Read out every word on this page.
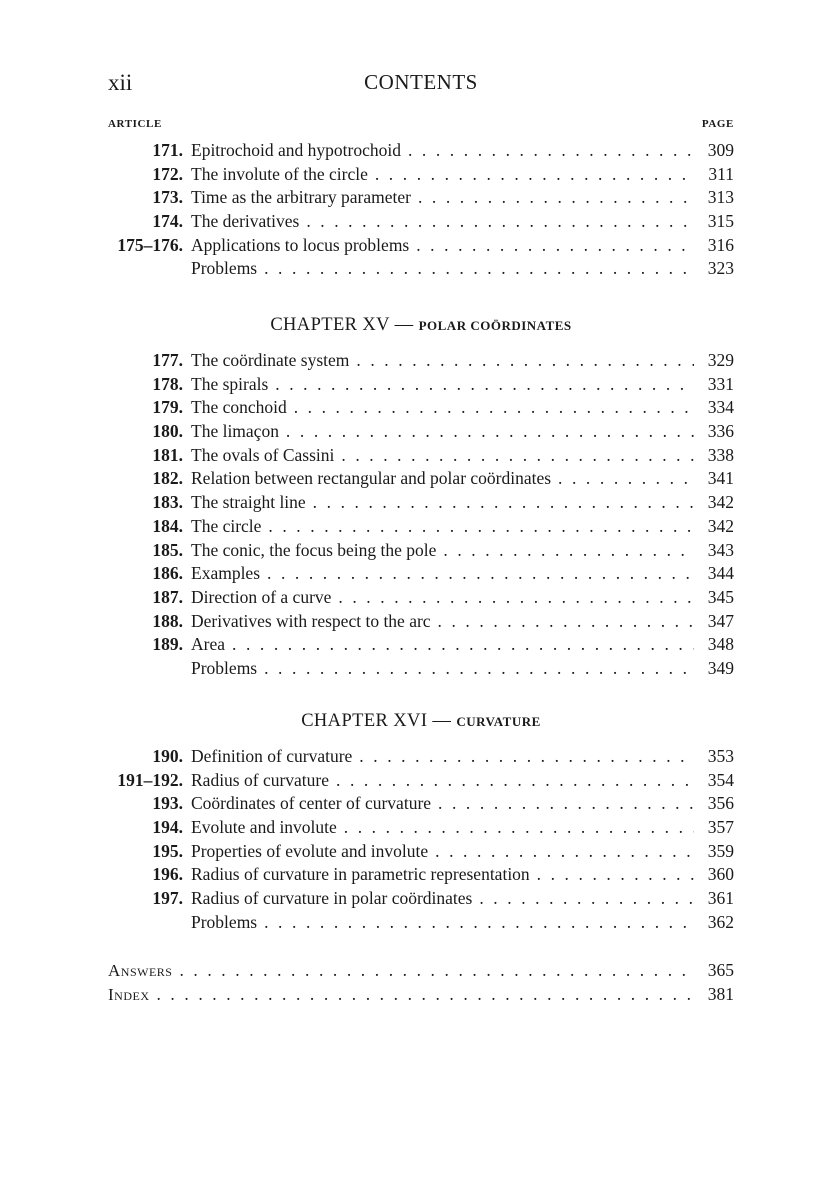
xii	CONTENTS
ARTICLE	PAGE
171. Epitrochoid and hypotrochoid . . .	309
172. The involute of the circle . . .	311
173. Time as the arbitrary parameter . . .	313
174. The derivatives . . .	315
175–176. Applications to locus problems . . .	316
Problems . . .	323
CHAPTER XV — POLAR COÖRDINATES
177. The coördinate system . . .	329
178. The spirals . . .	331
179. The conchoid . . .	334
180. The limaçon . . .	336
181. The ovals of Cassini . . .	338
182. Relation between rectangular and polar coördinates . . .	341
183. The straight line . . .	342
184. The circle . . .	342
185. The conic, the focus being the pole . . .	343
186. Examples . . .	344
187. Direction of a curve . . .	345
188. Derivatives with respect to the arc . . .	347
189. Area . . .	348
Problems . . .	349
CHAPTER XVI — CURVATURE
190. Definition of curvature . . .	353
191–192. Radius of curvature . . .	354
193. Coördinates of center of curvature . . .	356
194. Evolute and involute . . .	357
195. Properties of evolute and involute . . .	359
196. Radius of curvature in parametric representation . . .	360
197. Radius of curvature in polar coördinates . . .	361
Problems . . .	362
ANSWERS . . .	365
INDEX . . .	381
